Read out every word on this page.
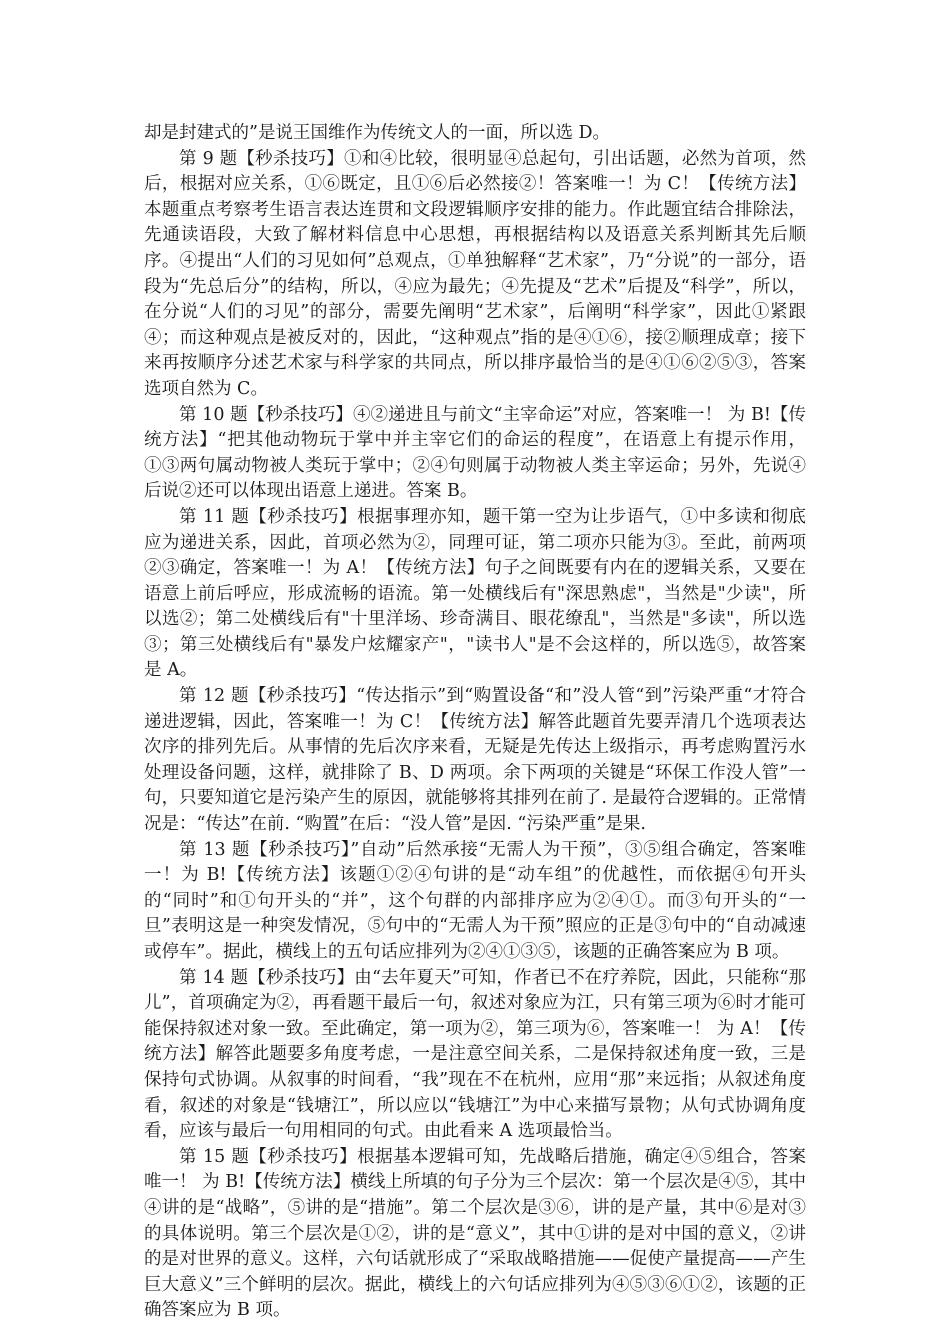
却是封建式的”是说王国维作为传统文人的一面，所以选 D。

第 9 题【秒杀技巧】①和④比较，很明显④总起句，引出话题，必然为首项，然后，根据对应关系，①⑥既定，且①⑥后必然接②！答案唯一！为 C！【传统方法】本题重点考察考生语言表达连贯和文段逻辑顺序安排的能力。作此题宜结合排除法，先通读语段，大致了解材料信息中心思想，再根据结构以及语意关系判断其先后顺序。④提出“人们的习见如何”总观点，①单独解释“艺术家”，乃“分说”的一部分，语段为“先总后分”的结构，所以，④应为最先；④先提及“艺术”后提及“科学”，所以，在分说“人们的习见”的部分，需要先阐明“艺术家”，后阐明“科学家”，因此①紧跟④；而这种观点是被反对的，因此，“这种观点”指的是④①⑥，接②顺理成章；接下来再按顺序分述艺术家与科学家的共同点，所以排序最恰当的是④①⑥②⑤③，答案选项自然为 C。

第 10 题【秒杀技巧】④②递进且与前文“主宰命运”对应，答案唯一！ 为 B!【传统方法】“把其他动物玩于掌中并主宰它们的命运的程度”，在语意上有提示作用，①③两句属动物被人类玩于掌中；②④句则属于动物被人类主宰运命；另外，先说④后说②还可以体现出语意上递进。答案 B。

第 11 题【秒杀技巧】根据事理亦知，题干第一空为让步语气，①中多读和彻底应为递进关系，因此，首项必然为②，同理可证，第二项亦只能为③。至此，前两项②③确定，答案唯一！为 A！【传统方法】句子之间既要有内在的逻辑关系，又要在语意上前后呼应，形成流畅的语流。第一处横线后有"深思熟虑"，当然是"少读"，所以选②；第二处横线后有"十里洋场、珍奇满目、眼花缭乱"，当然是"多读"，所以选③；第三处横线后有"暴发户炫耀家产"，"读书人"是不会这样的，所以选⑤，故答案是 A。

第 12 题【秒杀技巧】“传达指示”到“购置设备“和”没人管“到”污染严重“才符合递进逻辑，因此，答案唯一！为 C！【传统方法】解答此题首先要弄清几个选项表达次序的排列先后。从事情的先后次序来看，无疑是先传达上级指示，再考虑购置污水处理设备问题，这样，就排除了 B、D 两项。余下两项的关键是“环保工作没人管”一句，只要知道它是污染产生的原因，就能够将其排列在前了. 是最符合逻辑的。正常情况是：“传达”在前. “购置”在后：“没人管”是因. “污染严重”是果.

第 13 题【秒杀技巧】”自动”后然承接“无需人为干预”，③⑤组合确定，答案唯一！为 B!【传统方法】该题①②④句讲的是“动车组”的优越性，而依据④句开头的“同时”和①句开头的“并”，这个句群的内部排序应为②④①。而③句开头的“一旦”表明这是一种突发情况，⑤句中的“无需人为干预”照应的正是③句中的“自动减速或停车”。据此，横线上的五句话应排列为②④①③⑤，该题的正确答案应为 B 项。

第 14 题【秒杀技巧】由“去年夏天”可知，作者已不在疗养院，因此，只能称“那儿”，首项确定为②，再看题干最后一句，叙述对象应为江，只有第三项为⑥时才能可能保持叙述对象一致。至此确定，第一项为②，第三项为⑥，答案唯一！ 为 A！【传统方法】解答此题要多角度考虑，一是注意空间关系，二是保持叙述角度一致，三是保持句式协调。从叙事的时间看，“我”现在不在杭州，应用“那”来远指；从叙述角度看，叙述的对象是“钱塘江”，所以应以“钱塘江”为中心来描写景物；从句式协调角度看，应该与最后一句用相同的句式。由此看来 A 选项最恰当。

第 15 题【秒杀技巧】根据基本逻辑可知，先战略后措施，确定④⑤组合，答案唯一！ 为 B!【传统方法】横线上所填的句子分为三个层次：第一个层次是④⑤，其中④讲的是“战略”，⑤讲的是“措施”。第二个层次是③⑥，讲的是产量，其中⑥是对③的具体说明。第三个层次是①②，讲的是“意义”，其中①讲的是对中国的意义，②讲的是对世界的意义。这样，六句话就形成了“采取战略措施——促使产量提高——产生巨大意义”三个鲜明的层次。据此，横线上的六句话应排列为④⑤③⑥①②，该题的正确答案应为 B 项。
